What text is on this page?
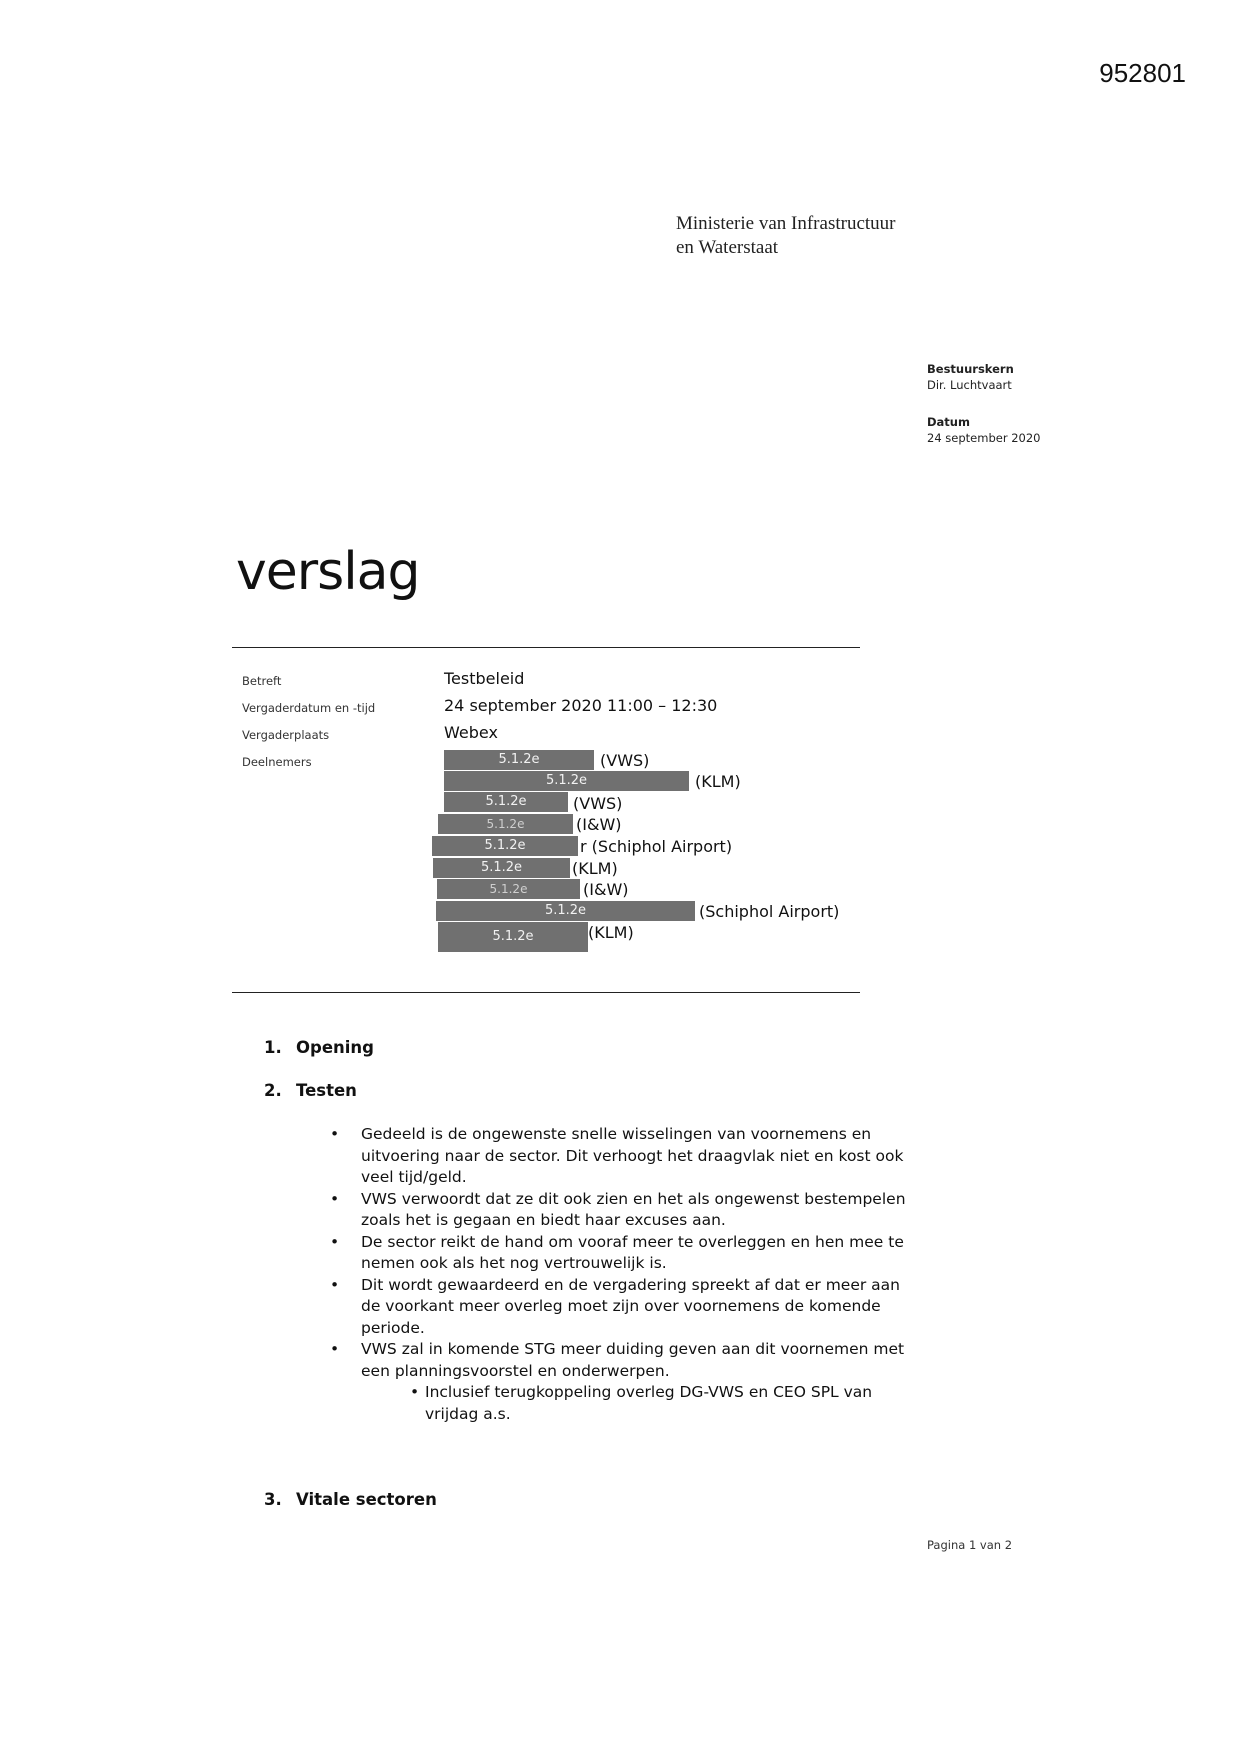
952801
Ministerie van Infrastructuur
en Waterstaat
Bestuurskern
Dir. Luchtvaart
Datum
24 september 2020
verslag
Betreft	Testbeleid
Vergaderdatum en -tijd	24 september 2020 11:00 – 12:30
Vergaderplaats	Webex
Deelnemers	5.1.2e	(VWS)
5.1.2e	(KLM)
5.1.2e	(VWS)
5.1.2e	(I&W)
5.1.2e	r (Schiphol Airport)
5.1.2e	(KLM)
5.1.2e	(I&W)
5.1.2e	(Schiphol Airport)
5.1.2e	(KLM)
1. Opening
2. Testen
• Gedeeld is de ongewenste snelle wisselingen van voornemens en uitvoering naar de sector. Dit verhoogt het draagvlak niet en kost ook veel tijd/geld.
• VWS verwoordt dat ze dit ook zien en het als ongewenst bestempelen zoals het is gegaan en biedt haar excuses aan.
• De sector reikt de hand om vooraf meer te overleggen en hen mee te nemen ook als het nog vertrouwelijk is.
• Dit wordt gewaardeerd en de vergadering spreekt af dat er meer aan de voorkant meer overleg moet zijn over voornemens de komende periode.
• VWS zal in komende STG meer duiding geven aan dit voornemen met een planningsvoorstel en onderwerpen.
• Inclusief terugkoppeling overleg DG-VWS en CEO SPL van vrijdag a.s.
3. Vitale sectoren
Pagina 1 van 2
